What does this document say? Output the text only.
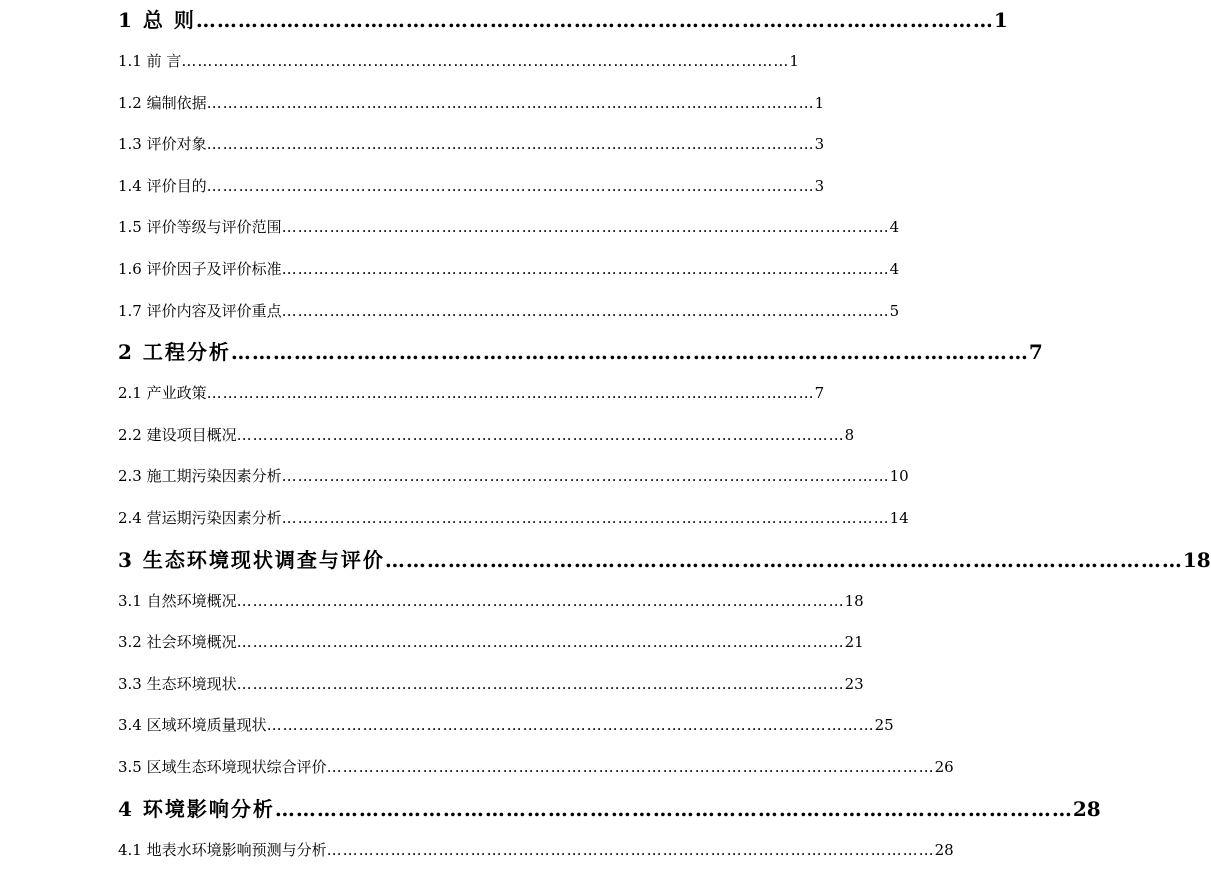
1 总 则 …………………………………………………………………………………………………… 1
1.1 前 言 …………………………………………………………………………………………………… 1
1.2 编制依据 …………………………………………………………………………………………………… 1
1.3 评价对象 …………………………………………………………………………………………………… 3
1.4 评价目的 …………………………………………………………………………………………………… 3
1.5 评价等级与评价范围 …………………………………………………………………………………………………… 4
1.6 评价因子及评价标准 …………………………………………………………………………………………………… 4
1.7 评价内容及评价重点 …………………………………………………………………………………………………… 5
2 工程分析 …………………………………………………………………………………………………… 7
2.1 产业政策 …………………………………………………………………………………………………… 7
2.2 建设项目概况 …………………………………………………………………………………………………… 8
2.3 施工期污染因素分析 …………………………………………………………………………………………………… 10
2.4 营运期污染因素分析 …………………………………………………………………………………………………… 14
3 生态环境现状调查与评价 …………………………………………………………………………………………………… 18
3.1 自然环境概况 …………………………………………………………………………………………………… 18
3.2 社会环境概况 …………………………………………………………………………………………………… 21
3.3 生态环境现状 …………………………………………………………………………………………………… 23
3.4 区域环境质量现状 …………………………………………………………………………………………………… 25
3.5 区域生态环境现状综合评价 …………………………………………………………………………………………………… 26
4 环境影响分析 …………………………………………………………………………………………………… 28
4.1 地表水环境影响预测与分析 …………………………………………………………………………………………………… 28
